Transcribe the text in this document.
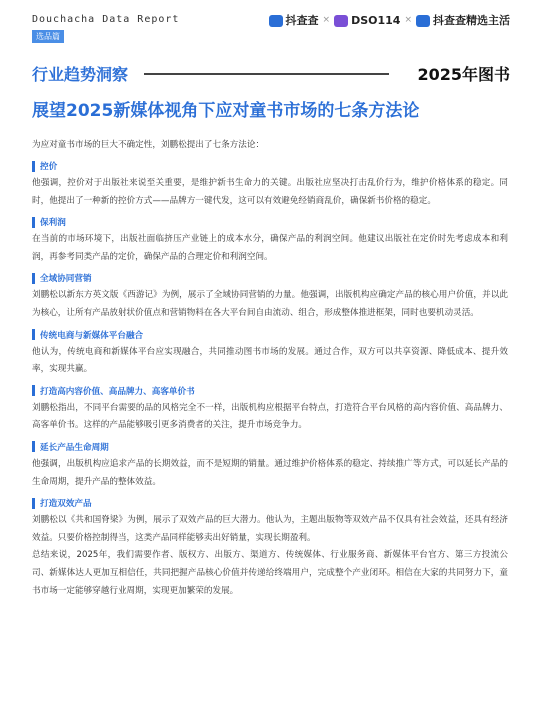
Douchacha Data Report
选品篇
抖查查 ×	DSO114 ×	抖查查精选主活
行业趋势洞察	2025年图书
展望2025新媒体视角下应对童书市场的七条方法论

为应对童书市场的巨大不确定性，刘鹏松提出了七条方法论：

控价

他强调，控价对于出版社来说至关重要，是维护新书生命力的关键。出版社应坚决打击乱价行为，维护价格体系的稳定。同时，他提出了一种新的控价方式——品牌方一键代发，这可以有效避免经销商乱价，确保新书价格的稳定。

保利润

在当前的市场环境下，出版社面临挤压产业链上的成本水分，确保产品的利润空间。他建议出版社在定价时先考虑成本和利润，再参考同类产品的定价，确保产品的合理定价和利润空间。

全域协同营销

刘鹏松以新东方英文版《西游记》为例，展示了全域协同营销的力量。他强调，出版机构应确定产品的核心用户价值，并以此为核心，让所有产品放射状价值点和营销物料在各大平台间自由流动、组合，形成整体推进框架，同时也要机动灵活。

传统电商与新媒体平台融合

他认为，传统电商和新媒体平台应实现融合，共同推动图书市场的发展。通过合作，双方可以共享资源、降低成本、提升效率，实现共赢。

打造高内容价值、高品牌力、高客单价书

刘鹏松指出，不同平台需要的品的风格完全不一样，出版机构应根据平台特点，打造符合平台风格的高内容价值、高品牌力、高客单价书。这样的产品能够吸引更多消费者的关注，提升市场竞争力。

延长产品生命周期

他强调，出版机构应追求产品的长期效益，而不是短期的销量。通过维护价格体系的稳定、持续推广等方式，可以延长产品的生命周期，提升产品的整体效益。

打造双效产品

刘鹏松以《共和国脊梁》为例，展示了双效产品的巨大潜力。他认为，主题出版物等双效产品不仅具有社会效益，还具有经济效益。只要价格控制得当，这类产品同样能够卖出好销量，实现长期盈利。

总结来说，2025年，我们需要作者、版权方、出版方、渠道方、传统媒体、行业服务商、新媒体平台官方、第三方投流公司、新媒体达人更加互相信任，共同把握产品核心价值并传递给终端用户，完成整个产业闭环。相信在大家的共同努力下，童书市场一定能够穿越行业周期，实现更加繁荣的发展。
